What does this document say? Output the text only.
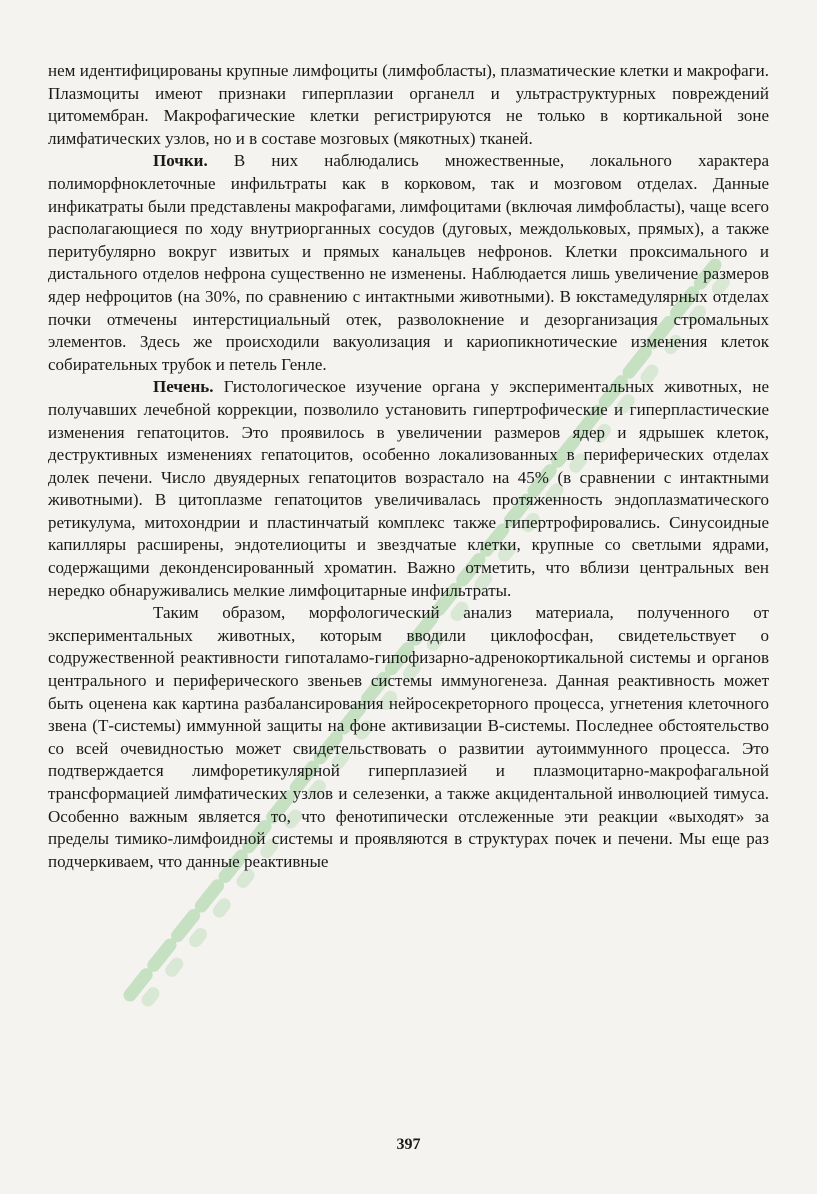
нем идентифицированы крупные лимфоциты (лимфобласты), плазматические клетки и макрофаги. Плазмоциты имеют признаки гиперплазии органелл и ультраструктурных повреждений цитомембран. Макрофагические клетки регистрируются не только в кортикальной зоне лимфатических узлов, но и в составе мозговых (мякотных) тканей.

Почки. В них наблюдались множественные, локального характера полиморфноклеточные инфильтраты как в корковом, так и мозговом отделах. Данные инфикатраты были представлены макрофагами, лимфоцитами (включая лимфобласты), чаще всего располагающиеся по ходу внутриорганных сосудов (дуговых, междольковых, прямых), а также перитубулярно вокруг извитых и прямых канальцев нефронов. Клетки проксимального и дистального отделов нефрона существенно не изменены. Наблюдается лишь увеличение размеров ядер нефроцитов (на 30%, по сравнению с интактными животными). В юкстамедулярных отделах почки отмечены интерстициальный отек, разволокнение и дезорганизация стромальных элементов. Здесь же происходили вакуолизация и кариопикнотические изменения клеток собирательных трубок и петель Генле.

Печень. Гистологическое изучение органа у экспериментальных животных, не получавших лечебной коррекции, позволило установить гипертрофические и гиперпластические изменения гепатоцитов. Это проявилось в увеличении размеров ядер и ядрышек клеток, деструктивных изменениях гепатоцитов, особенно локализованных в периферических отделах долек печени. Число двуядерных гепатоцитов возрастало на 45% (в сравнении с интактными животными). В цитоплазме гепатоцитов увеличивалась протяженность эндоплазматического ретикулума, митохондрии и пластинчатый комплекс также гипертрофировались. Синусоидные капилляры расширены, эндотелиоциты и звездчатые клетки, крупные со светлыми ядрами, содержащими деконденсированный хроматин. Важно отметить, что вблизи центральных вен нередко обнаруживались мелкие лимфоцитарные инфильтраты.

Таким образом, морфологический анализ материала, полученного от экспериментальных животных, которым вводили циклофосфан, свидетельствует о содружественной реактивности гипоталамо-гипофизарно-адренокортикальной системы и органов центрального и периферического звеньев системы иммуногенеза. Данная реактивность может быть оценена как картина разбалансирования нейросекреторного процесса, угнетения клеточного звена (Т-системы) иммунной защиты на фоне активизации В-системы. Последнее обстоятельство со всей очевидностью может свидетельствовать о развитии аутоиммунного процесса. Это подтверждается лимфоретикулярной гиперплазией и плазмоцитарно-макрофагальной трансформацией лимфатических узлов и селезенки, а также акцидентальной инволюцией тимуса. Особенно важным является то, что фенотипически отслеженные эти реакции «выходят» за пределы тимико-лимфоидной системы и проявляются в структурах почек и печени. Мы еще раз подчеркиваем, что данные реактивные

397
